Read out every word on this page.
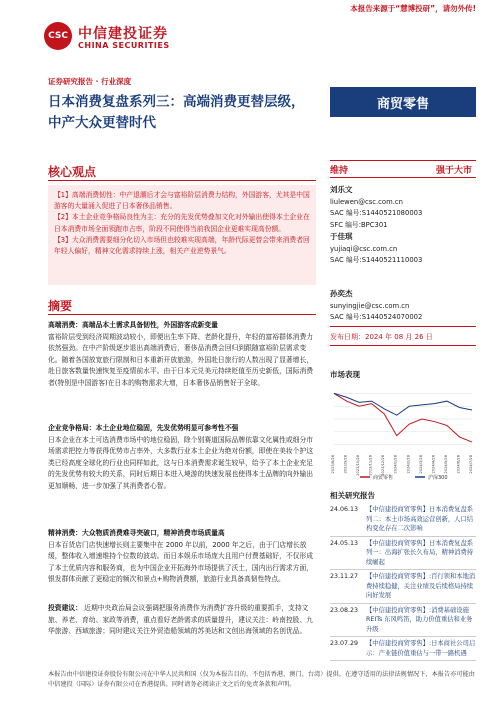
本报告来源于“慧博投研”，请勿外传!
CSC 中信建投证券
CHINA SECURITIES
证券研究报告 · 行业深度
日本消费复盘系列三：高端消费更替层级，中产大众更替时代
商贸零售
核心观点

【1】高端消费韧性：中产退潮后才会与富裕阶层消费力结构，外国游客，尤其是中国游客的大量涌入促进了日本奢侈品销售。

【2】本土企业竞争格局良性为主：充分的先发优势叠加文化对外输出使得本土企业在日本消费市场全面领跑市占率，阶段不同使得当前我国企业更难实现高份额。

【3】大众消费需要细分化切入市场但也较难实现高端，年龄代际更替会带来消费者回年轻人偏好，精神文化需求持续上涨，相关产业逆势景气。

摘要
高端消费：高端品本土需求具备韧性，外国游客成新变量
富裕阶层受到经济周期波动较小，即便出生率下降、老龄化提升，年轻的富裕群体消费力依然强劲。在中产阶级逐步退出高端消费后，奢侈品消费会回归到跟随富裕阶层需求变化。随着各国放宽旅行限制和日本重新开放旅游，外国赴日旅行的人数出现了显著增长，赴日旅客数量快速恢复至疫情前水平。由于日本元兑美元持续贬值至历史新低，国际消费者(特别是中国游客)在日本的购物需求大增，日本奢侈品销售好于全球。
企业竞争格局：本土企业地位稳固，先发优势明显可参考性不强
日本企业在本土可选消费市场中的地位稳固，除个别赛道国际品牌依靠文化属性或细分市场需求把控力等获得优势市占率外，大多数行业本土企业为绝对份额，即使在美妆个护这类已经高度全球化的行业也同样如此，这与日本消费需求诞生较早，给予了本土企业充足的先发优势有较大的关系，同时后期日本进入境游的快速发展也使得本土品牌的向外输出更加顺畅，进一步加强了其消费者心智。
精神消费：大众物质消费难寻突破口，精神消费市场质量高
日本百货店门店快速增长则主要集中在 2000 年以前，2000 年之后，由于门店增长放缓，整体收入增速维持个位数的波动。而日本娱乐市场庞大且用户付费基础好，不仅形成了本土优质内容和服务商，也为中国企业开拓海外市场提供了沃土，国内出行需求方面，银发群体贡献了更稳定的频次和景点+购物消费额，旅游行业具备高韧性特点。
投资建议： 近期中央政治局会议强调把服务消费作为消费扩容升级的重要抓手，支持文旅、养老、育幼、家政等消费，重点看好老龄需求的质量提升，建议关注：岭南控股、九华旅游、西域旅游；同时建议关注外贸造船领域的苏美达和文创出海领域的名创优品。
维持	强于大市
刘乐文
liulewen@csc.com.cn
SAC 编号:S1440521080003
SFC 编号:BPC301
于佳琪
yujiaqi@csc.com.cn
SAC 编号:S1440521110003
孙奕杰
sunyingjie@csc.com.cn
SAC 编号:S1440524070002
发布日期：2024 年 08 月 26 日
市场表现
2023/8/28 2023/9/28 2023/10/28 2023/11/28 2023/12/28 2024/1/28 2024/2/28 2024/3/28 2024/4/28 2024/5/28 2024/6/28 2024/7/28
商贸零售	沪深300
相关研究报告
24.06.13	【中信建投商贸零售】日本消费复盘系列二：本土市场高效运营创新，人口结构变化存在二次影响
24.05.13	【中信建投商贸零售】日本消费复盘系列一：出海扩张长久布局，精神消费持续崛起
23.11.27	【中信建投商贸零售】:百行领和本地消费持续稳健，关注业绩及后续格局持续向好发展
23.08.23	【中信建投商贸零售】:消费基础设施 REITs 东风鸣笛，助力价值重估和业务升级
23.07.29	【中信建投商贸零售】:日本商社公司启示：产业链价值重估与一带一路机遇
本报告由中信建投证券股份有限公司在中华人民共和国（仅为本报告目的，不包括香港、澳门、台湾）提供。在遵守适用的法律法规情况下，本报告亦可能由中信建投（国际）证券有限公司在香港提供。同时请务必阅读正文之后的免责条款和声明。
